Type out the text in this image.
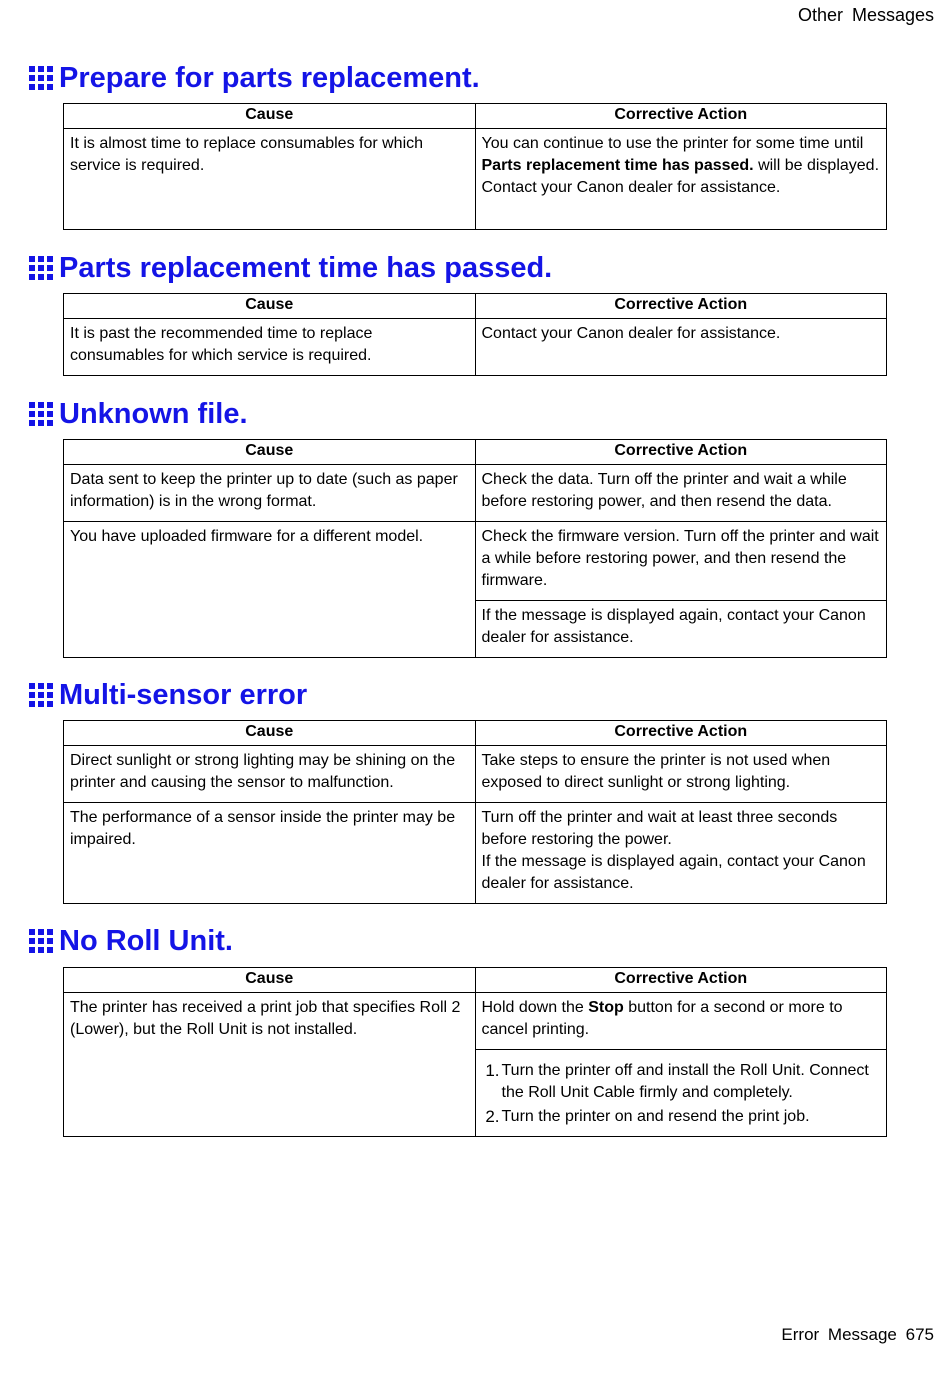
Other Messages
Prepare for parts replacement.
Cause	Corrective Action
It is almost time to replace consumables for which service is required.	You can continue to use the printer for some time until Parts replacement time has passed. will be displayed.
Contact your Canon dealer for assistance.
Parts replacement time has passed.
Cause	Corrective Action
It is past the recommended time to replace consumables for which service is required.	Contact your Canon dealer for assistance.
Unknown file.
Cause	Corrective Action
Data sent to keep the printer up to date (such as paper information) is in the wrong format.	Check the data. Turn off the printer and wait a while before restoring power, and then resend the data.
You have uploaded firmware for a different model.	Check the firmware version. Turn off the printer and wait a while before restoring power, and then resend the firmware.
	If the message is displayed again, contact your Canon dealer for assistance.
Multi-sensor error
Cause	Corrective Action
Direct sunlight or strong lighting may be shining on the printer and causing the sensor to malfunction.	Take steps to ensure the printer is not used when exposed to direct sunlight or strong lighting.
The performance of a sensor inside the printer may be impaired.	Turn off the printer and wait at least three seconds before restoring the power.
If the message is displayed again, contact your Canon dealer for assistance.
No Roll Unit.
Cause	Corrective Action
The printer has received a print job that specifies Roll 2 (Lower), but the Roll Unit is not installed.	Hold down the Stop button for a second or more to cancel printing.

	1. Turn the printer off and install the Roll Unit. Connect the Roll Unit Cable firmly and completely.
2. Turn the printer on and resend the print job.
Error Message 675
